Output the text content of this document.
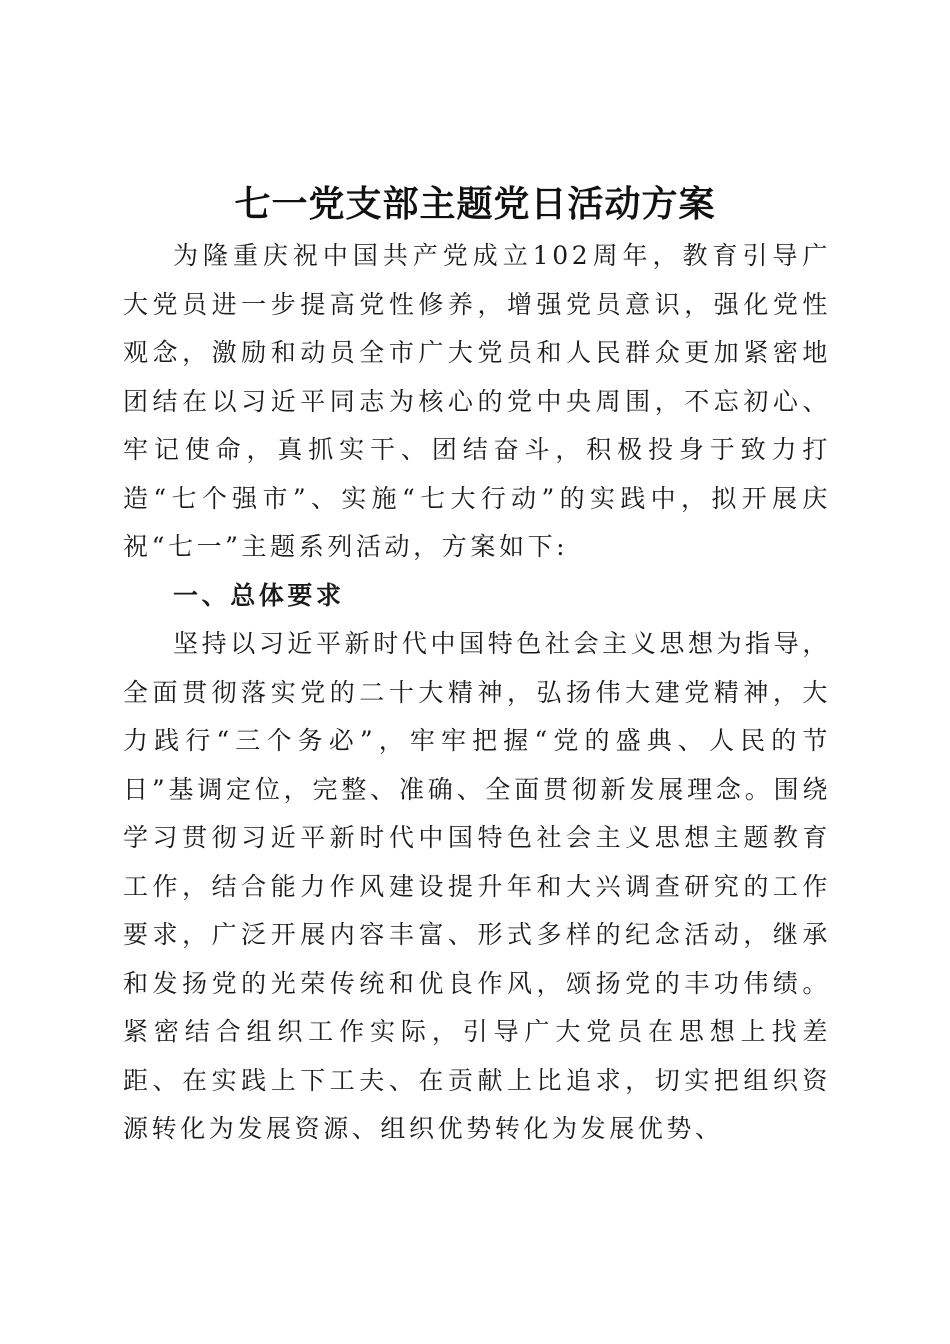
七一党支部主题党日活动方案

为隆重庆祝中国共产党成立102周年，教育引导广大党员进一步提高党性修养，增强党员意识，强化党性观念，激励和动员全市广大党员和人民群众更加紧密地团结在以习近平同志为核心的党中央周围，不忘初心、牢记使命，真抓实干、团结奋斗，积极投身于致力打造“七个强市”、实施“七大行动”的实践中，拟开展庆祝“七一”主题系列活动，方案如下:

一、总体要求

坚持以习近平新时代中国特色社会主义思想为指导，全面贯彻落实党的二十大精神，弘扬伟大建党精神，大力践行“三个务必”，牢牢把握“党的盛典、人民的节日”基调定位，完整、准确、全面贯彻新发展理念。围绕学习贯彻习近平新时代中国特色社会主义思想主题教育工作，结合能力作风建设提升年和大兴调查研究的工作要求，广泛开展内容丰富、形式多样的纪念活动，继承和发扬党的光荣传统和优良作风，颂扬党的丰功伟绩。紧密结合组织工作实际，引导广大党员在思想上找差距、在实践上下工夫、在贡献上比追求，切实把组织资源转化为发展资源、组织优势转化为发展优势、
